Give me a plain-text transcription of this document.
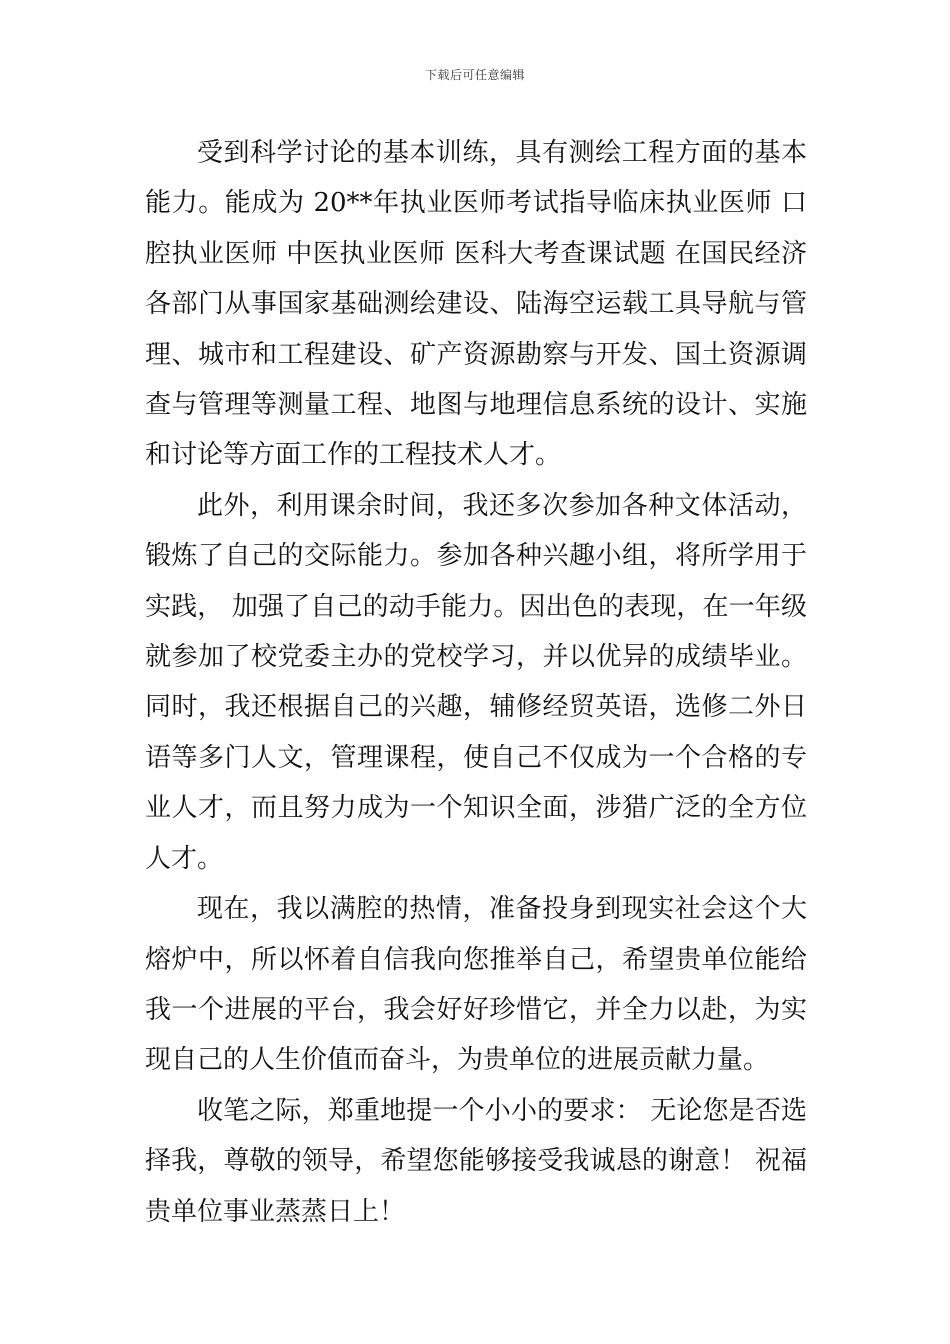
下载后可任意编辑

受到科学讨论的基本训练，具有测绘工程方面的基本能力。能成为 20**年执业医师考试指导临床执业医师 口腔执业医师 中医执业医师 医科大考查课试题 在国民经济各部门从事国家基础测绘建设、陆海空运载工具导航与管理、城市和工程建设、矿产资源勘察与开发、国土资源调查与管理等测量工程、地图与地理信息系统的设计、实施和讨论等方面工作的工程技术人才。

此外，利用课余时间，我还多次参加各种文体活动，锻炼了自己的交际能力。参加各种兴趣小组，将所学用于实践， 加强了自己的动手能力。因出色的表现，在一年级就参加了校党委主办的党校学习，并以优异的成绩毕业。同时，我还根据自己的兴趣，辅修经贸英语，选修二外日语等多门人文，管理课程，使自己不仅成为一个合格的专业人才，而且努力成为一个知识全面，涉猎广泛的全方位人才。

现在，我以满腔的热情，准备投身到现实社会这个大熔炉中，所以怀着自信我向您推举自己，希望贵单位能给我一个进展的平台，我会好好珍惜它，并全力以赴，为实现自己的人生价值而奋斗，为贵单位的进展贡献力量。

收笔之际，郑重地提一个小小的要求： 无论您是否选择我，尊敬的领导，希望您能够接受我诚恳的谢意！ 祝福贵单位事业蒸蒸日上！
